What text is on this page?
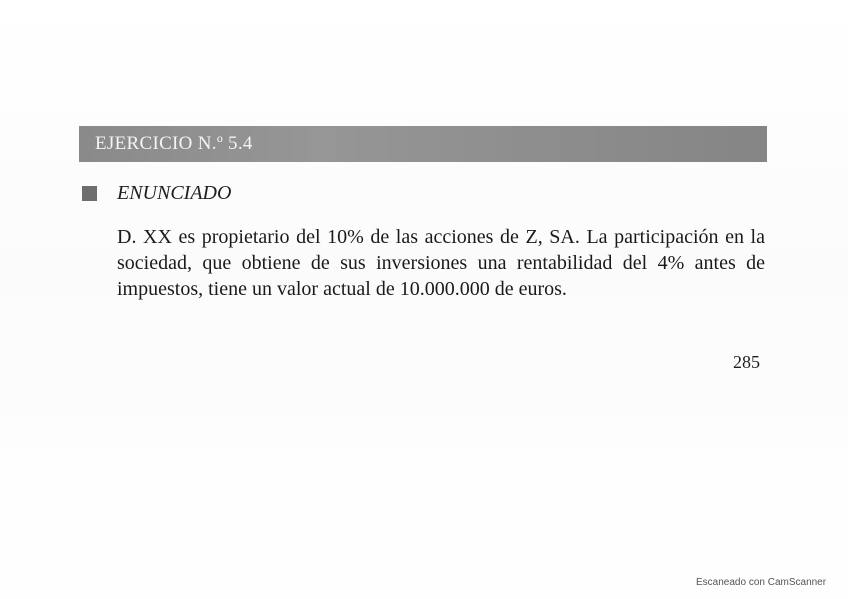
EJERCICIO N.º 5.4
ENUNCIADO

D. XX es propietario del 10% de las acciones de Z, SA. La participación en la sociedad, que obtiene de sus inversiones una rentabilidad del 4% antes de impuestos, tiene un valor actual de 10.000.000 de euros.

285
Escaneado con CamScanner
